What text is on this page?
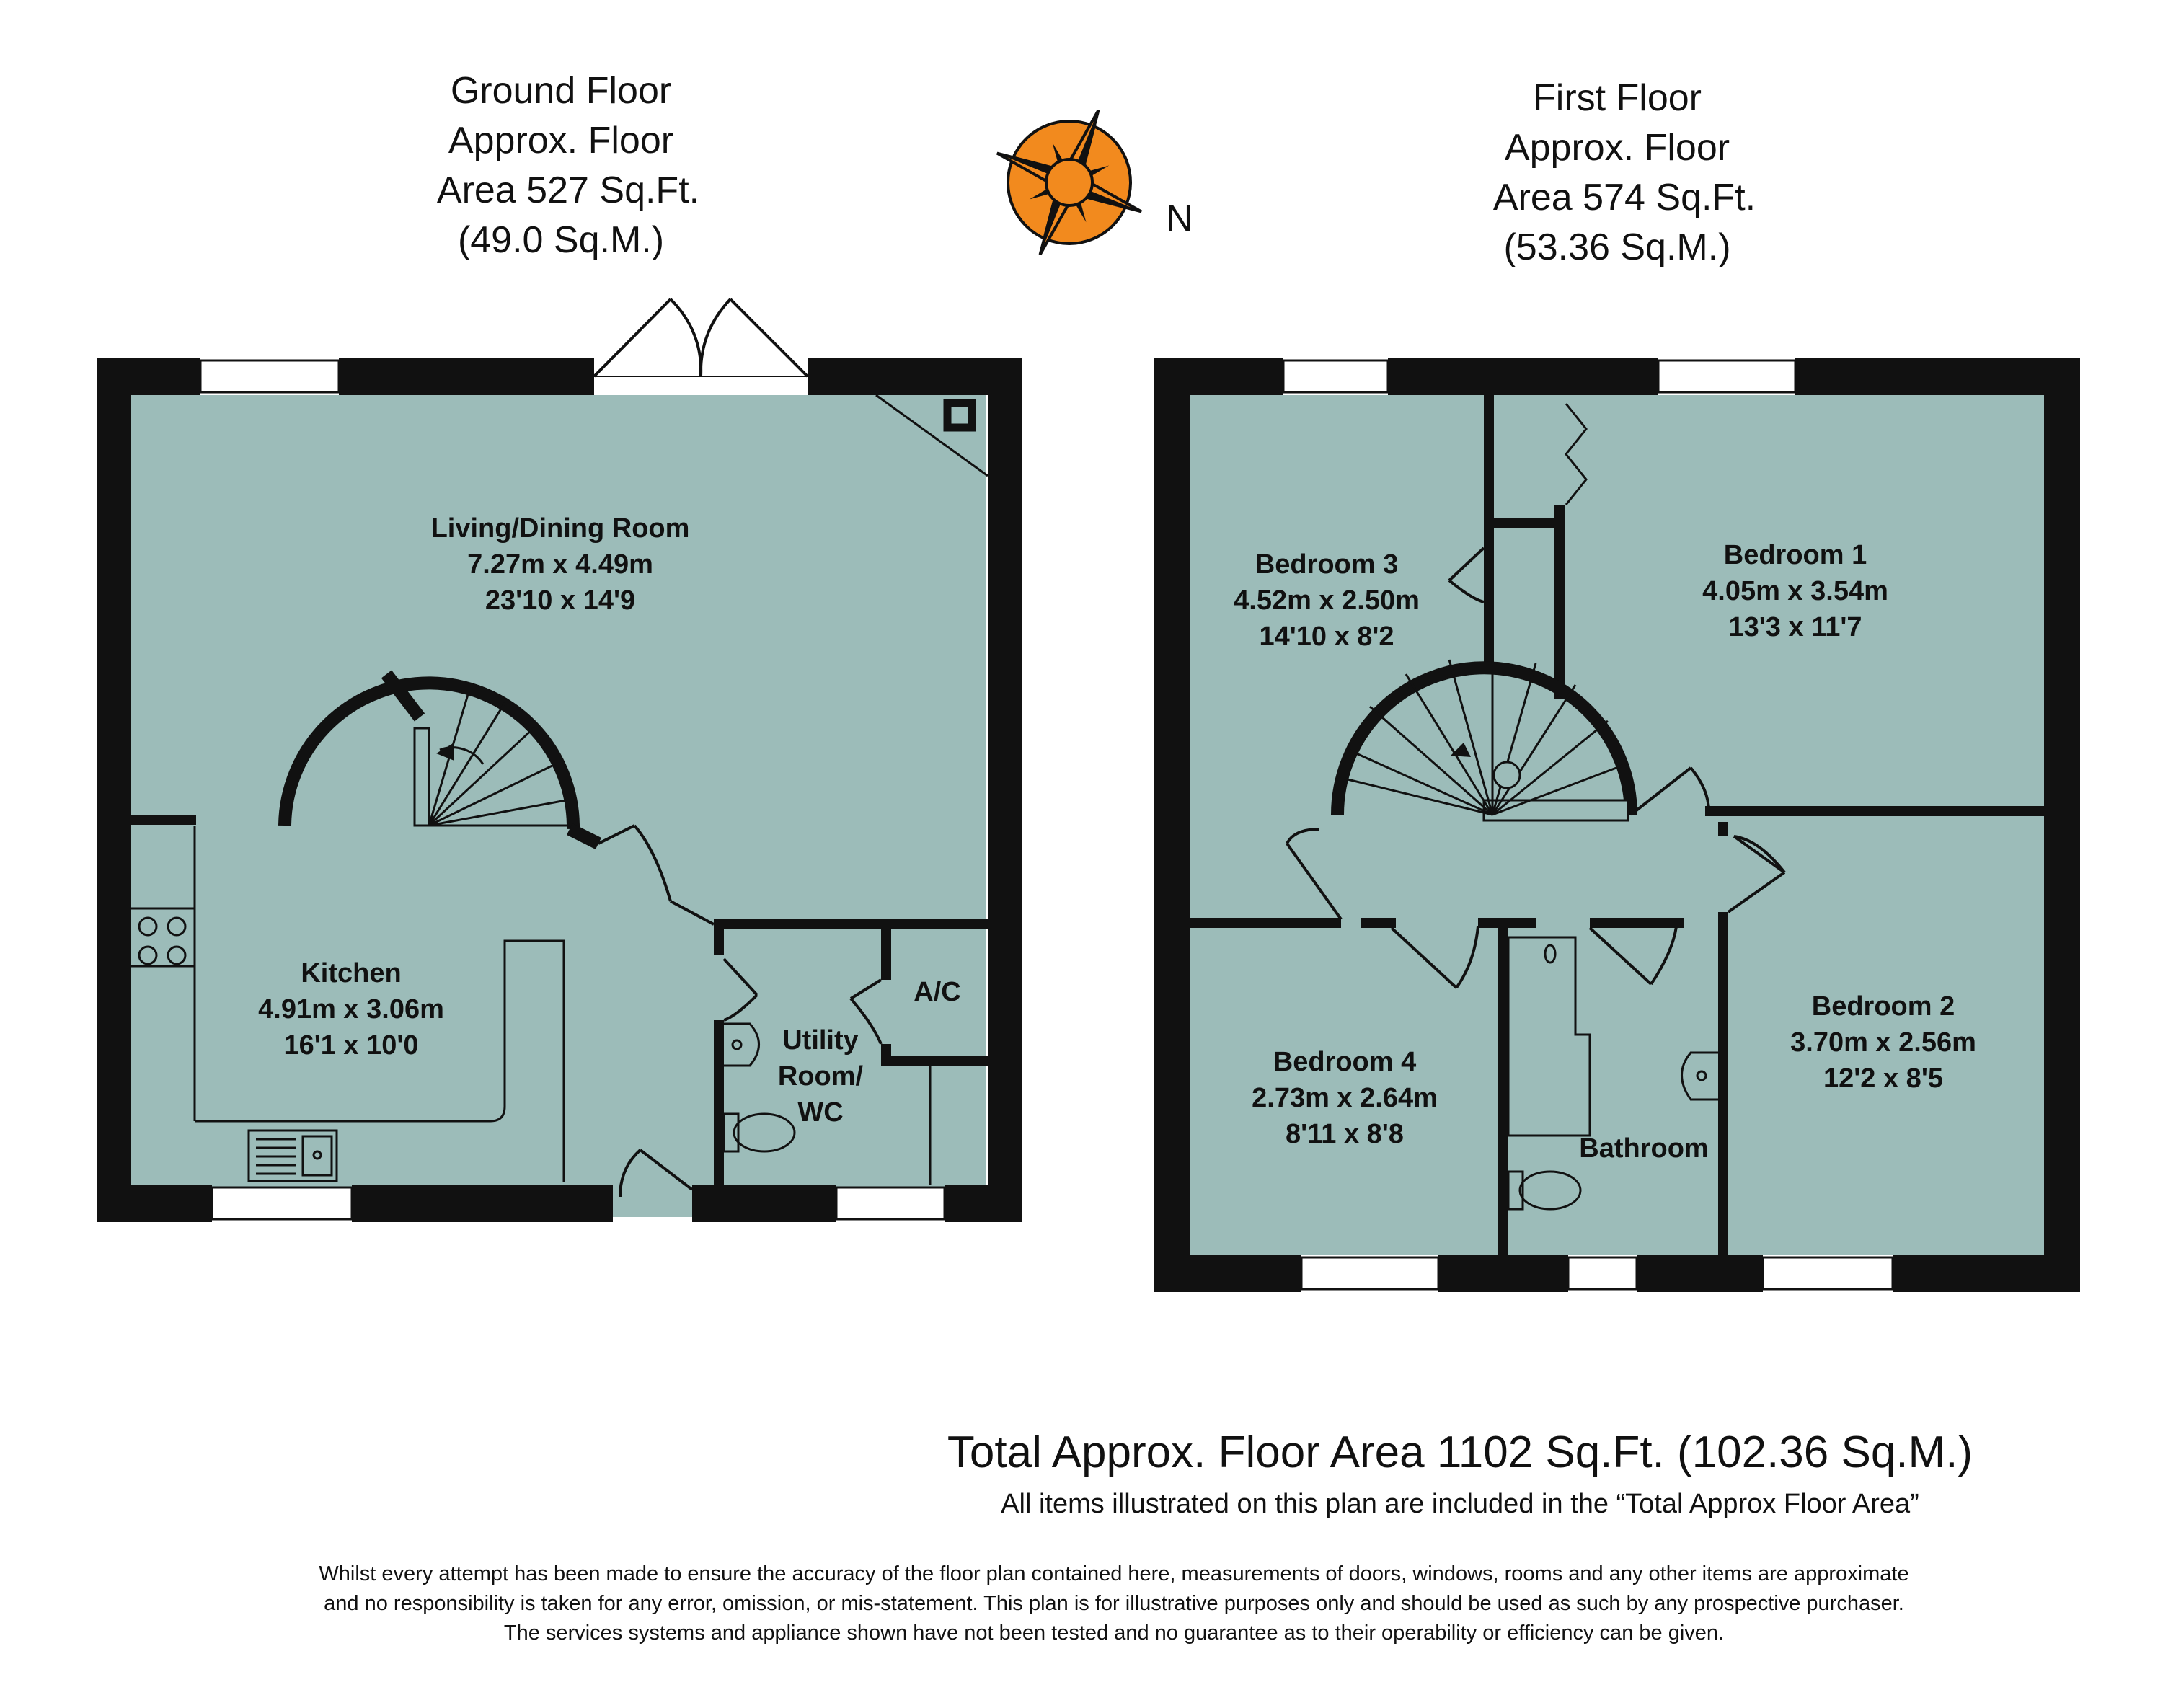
Ground Floor
Approx. Floor
Area 527 Sq.Ft.
(49.0 Sq.M.)
First Floor
Approx. Floor
Area 574 Sq.Ft.
(53.36 Sq.M.)
N
Living/Dining Room
7.27m x 4.49m
23'10 x 14'9
Kitchen
4.91m x 3.06m
16'1 x 10'0	Utility
Room/
WC
A/C
Bedroom 3
4.52m x 2.50m
14'10 x 8'2
Bedroom 1
4.05m x 3.54m
13'3 x 11'7
Bedroom 2
3.70m x 2.56m
12'2 x 8'5
Bedroom 4
2.73m x 2.64m
8'11 x 8'8	Bathroom
Total Approx. Floor Area 1102 Sq.Ft. (102.36 Sq.M.)
All items illustrated on this plan are included in the “Total Approx Floor Area”
Whilst every attempt has been made to ensure the accuracy of the floor plan contained here, measurements of doors, windows, rooms and any other items are approximate
and no responsibility is taken for any error, omission, or mis-statement. This plan is for illustrative purposes only and should be used as such by any prospective purchaser.
The services systems and appliance shown have not been tested and no guarantee as to their operability or efficiency can be given.
